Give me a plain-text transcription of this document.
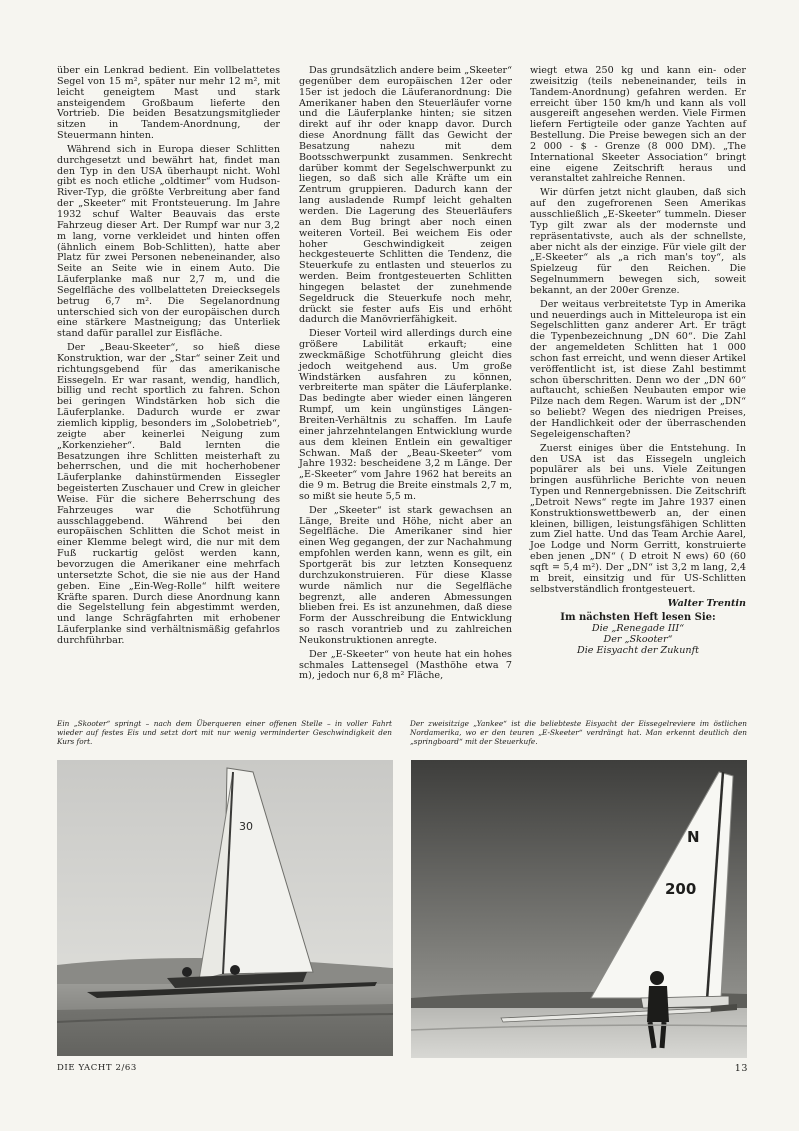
über ein Lenkrad bedient. Ein vollbelattetes Segel von 15 m², später nur mehr 12 m², mit leicht geneigtem Mast und stark ansteigendem Großbaum lieferte den Vortrieb. Die beiden Besatzungsmitglieder sitzen in Tandem-Anordnung, der Steuermann hinten.

Während sich in Europa dieser Schlitten durchgesetzt und bewährt hat, findet man den Typ in den USA überhaupt nicht. Wohl gibt es noch etliche „oldtimer“ vom Hudson-River-Typ, die größte Verbreitung aber fand der „Skeeter“ mit Frontsteuerung. Im Jahre 1932 schuf Walter Beauvais das erste Fahrzeug dieser Art. Der Rumpf war nur 3,2 m lang, vorne verkleidet und hinten offen (ähnlich einem Bob-Schlitten), hatte aber Platz für zwei Personen nebeneinander, also Seite an Seite wie in einem Auto. Die Läuferplanke maß nur 2,7 m, und die Segelfläche des vollbelatteten Dreiecksegels betrug 6,7 m². Die Segelanordnung unterschied sich von der europäischen durch eine stärkere Mastneigung; das Unterliek stand dafür parallel zur Eisfläche.

Der „Beau-Skeeter“, so hieß diese Konstruktion, war der „Star“ seiner Zeit und richtungsgebend für das amerikanische Eissegeln. Er war rasant, wendig, handlich, billig und recht sportlich zu fahren. Schon bei geringen Windstärken hob sich die Läuferplanke. Dadurch wurde er zwar ziemlich kipplig, besonders im „Solobetrieb“, zeigte aber keinerlei Neigung zum „Korkenzieher“. Bald lernten die Besatzungen ihre Schlitten meisterhaft zu beherrschen, und die mit hocherhobener Läuferplanke dahinstürmenden Eissegler begeisterten Zuschauer und Crew in gleicher Weise. Für die sichere Beherrschung des Fahrzeuges war die Schotführung ausschlaggebend. Während bei den europäischen Schlitten die Schot meist in einer Klemme belegt wird, die nur mit dem Fuß ruckartig gelöst werden kann, bevorzugen die Amerikaner eine mehrfach untersetzte Schot, die sie nie aus der Hand geben. Eine „Ein-Weg-Rolle“ hilft weitere Kräfte sparen. Durch diese Anordnung kann die Segelstellung fein abgestimmt werden, und lange Schrägfahrten mit erhobener Läuferplanke sind verhältnismäßig gefahrlos durchführbar.

Das grundsätzlich andere beim „Skeeter“ gegenüber dem europäischen 12er oder 15er ist jedoch die Läuferanordnung: Die Amerikaner haben den Steuerläufer vorne und die Läuferplanke hinten; sie sitzen direkt auf ihr oder knapp davor. Durch diese Anordnung fällt das Gewicht der Besatzung nahezu mit dem Bootsschwerpunkt zusammen. Senkrecht darüber kommt der Segelschwerpunkt zu liegen, so daß sich alle Kräfte um ein Zentrum gruppieren. Dadurch kann der lang ausladende Rumpf leicht gehalten werden. Die Lagerung des Steuerläufers an dem Bug bringt aber noch einen weiteren Vorteil. Bei weichem Eis oder hoher Geschwindigkeit zeigen heckgesteuerte Schlitten die Tendenz, die Steuerkufe zu entlasten und steuerlos zu werden. Beim frontgesteuerten Schlitten hingegen belastet der zunehmende Segeldruck die Steuerkufe noch mehr, drückt sie fester aufs Eis und erhöht dadurch die Manövrierfähigkeit.

Dieser Vorteil wird allerdings durch eine größere Labilität erkauft; eine zweckmäßige Schotführung gleicht dies jedoch weitgehend aus. Um große Windstärken ausfahren zu können, verbreiterte man später die Läuferplanke. Das bedingte aber wieder einen längeren Rumpf, um kein ungünstiges Längen-Breiten-Verhältnis zu schaffen. Im Laufe einer jahrzehntelangen Entwicklung wurde aus dem kleinen Entlein ein gewaltiger Schwan. Maß der „Beau-Skeeter“ vom Jahre 1932: bescheidene 3,2 m Länge. Der „E-Skeeter“ vom Jahre 1962 hat bereits an die 9 m. Betrug die Breite einstmals 2,7 m, so mißt sie heute 5,5 m.

Der „Skeeter“ ist stark gewachsen an Länge, Breite und Höhe, nicht aber an Segelfläche. Die Amerikaner sind hier einen Weg gegangen, der zur Nachahmung empfohlen werden kann, wenn es gilt, ein Sportgerät bis zur letzten Konsequenz durchzukonstruieren. Für diese Klasse wurde nämlich nur die Segelfläche begrenzt, alle anderen Abmessungen blieben frei. Es ist anzunehmen, daß diese Form der Ausschreibung die Entwicklung so rasch vorantrieb und zu zahlreichen Neukonstruktionen anregte.

Der „E-Skeeter“ von heute hat ein hohes schmales Lattensegel (Masthöhe etwa 7 m), jedoch nur 6,8 m² Fläche,

wiegt etwa 250 kg und kann ein- oder zweisitzig (teils nebeneinander, teils in Tandem-Anordnung) gefahren werden. Er erreicht über 150 km/h und kann als voll ausgereift angesehen werden. Viele Firmen liefern Fertigteile oder ganze Yachten auf Bestellung. Die Preise bewegen sich an der 2 000 - $ - Grenze (8 000 DM). „The International Skeeter Association“ bringt eine eigene Zeitschrift heraus und veranstaltet zahlreiche Rennen.

Wir dürfen jetzt nicht glauben, daß sich auf den zugefrorenen Seen Amerikas ausschließlich „E-Skeeter“ tummeln. Dieser Typ gilt zwar als der modernste und repräsentativste, auch als der schnellste, aber nicht als der einzige. Für viele gilt der „E-Skeeter“ als „a rich man's toy“, als Spielzeug für den Reichen. Die Segelnummern bewegen sich, soweit bekannt, an der 200er Grenze.

Der weitaus verbreitetste Typ in Amerika und neuerdings auch in Mitteleuropa ist ein Segelschlitten ganz anderer Art. Er trägt die Typenbezeichnung „DN 60“. Die Zahl der angemeldeten Schlitten hat 1 000 schon fast erreicht, und wenn dieser Artikel veröffentlicht ist, ist diese Zahl bestimmt schon überschritten. Denn wo der „DN 60“ auftaucht, schießen Neubauten empor wie Pilze nach dem Regen. Warum ist der „DN“ so beliebt? Wegen des niedrigen Preises, der Handlichkeit oder der überraschenden Segeleigenschaften?

Zuerst einiges über die Entstehung. In den USA ist das Eissegeln ungleich populärer als bei uns. Viele Zeitungen bringen ausführliche Berichte von neuen Typen und Rennergebnissen. Die Zeitschrift „Detroit News“ regte im Jahre 1937 einen Konstruktionswettbewerb an, der einen kleinen, billigen, leistungsfähigen Schlitten zum Ziel hatte. Und das Team Archie Aarel, Joe Lodge und Norm Gerritt, konstruierte eben jenen „DN“ ( D etroit N ews) 60 (60 sqft = 5,4 m²). Der „DN“ ist 3,2 m lang, 2,4 m breit, einsitzig und für US-Schlitten selbstverständlich frontgesteuert.

Walter Trentin
Im nächsten Heft lesen Sie:
Die „Renegade III“
Der „Skooter“
Die Eisyacht der Zukunft
Ein „Skooter“ springt – nach dem Überqueren einer offenen Stelle – in voller Fahrt wieder auf festes Eis und setzt dort mit nur wenig verminderter Geschwindigkeit den Kurs fort.
Der zweisitzige „Yankee“ ist die beliebteste Eisyacht der Eissegelreviere im östlichen Nordamerika, wo er den teuren „E-Skeeter“ verdrängt hat. Man erkennt deutlich den „springboard“ mit der Steuerkufe.
30
N
200
DIE YACHT 2/63	13
